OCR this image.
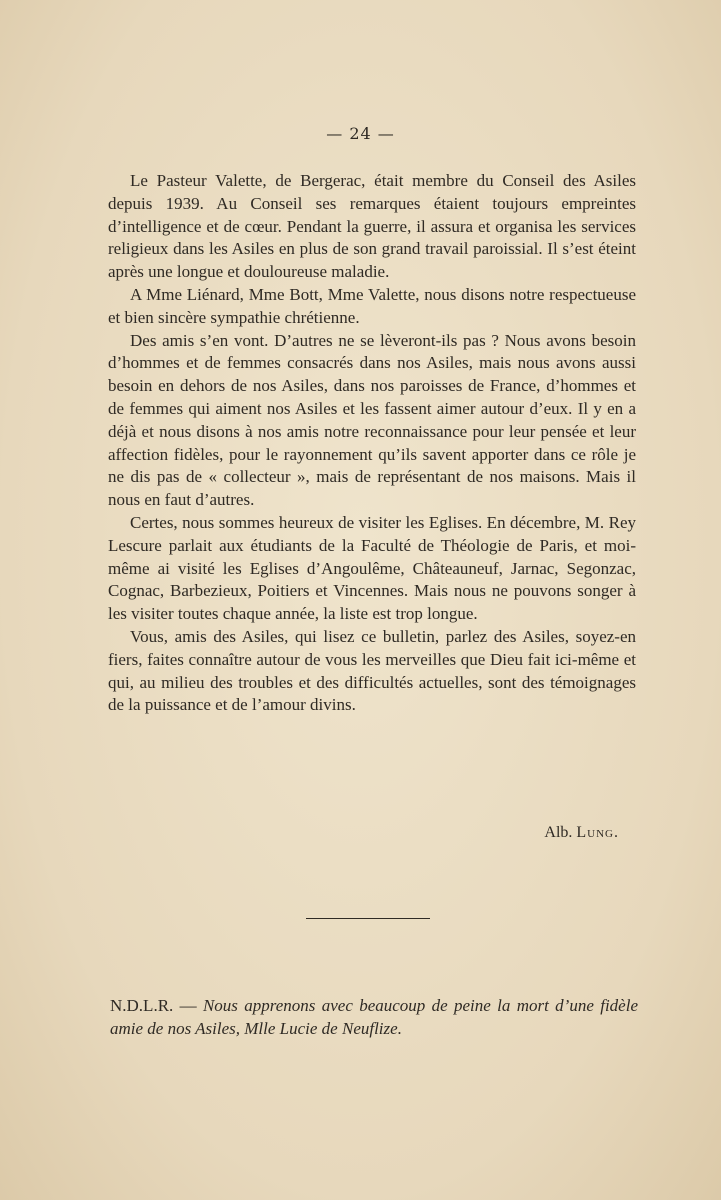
— 24 —

Le Pasteur Valette, de Bergerac, était membre du Conseil des Asiles depuis 1939. Au Conseil ses remarques étaient toujours empreintes d’intelligence et de cœur. Pendant la guerre, il assura et organisa les services religieux dans les Asiles en plus de son grand travail paroissial. Il s’est éteint après une longue et douloureuse maladie.

A Mme Liénard, Mme Bott, Mme Valette, nous disons notre respectueuse et bien sincère sympathie chrétienne.

Des amis s’en vont. D’autres ne se lèveront-ils pas ? Nous avons besoin d’hommes et de femmes consacrés dans nos Asiles, mais nous avons aussi besoin en dehors de nos Asiles, dans nos paroisses de France, d’hommes et de femmes qui aiment nos Asiles et les fassent aimer autour d’eux. Il y en a déjà et nous disons à nos amis notre reconnaissance pour leur pensée et leur affection fidèles, pour le rayonnement qu’ils savent apporter dans ce rôle je ne dis pas de « collecteur », mais de représentant de nos maisons. Mais il nous en faut d’autres.

Certes, nous sommes heureux de visiter les Eglises. En décembre, M. Rey Lescure parlait aux étudiants de la Faculté de Théologie de Paris, et moi-même ai visité les Eglises d’Angoulême, Châteauneuf, Jarnac, Segonzac, Cognac, Barbezieux, Poitiers et Vincennes. Mais nous ne pouvons songer à les visiter toutes chaque année, la liste est trop longue.

Vous, amis des Asiles, qui lisez ce bulletin, parlez des Asiles, soyez-en fiers, faites connaître autour de vous les merveilles que Dieu fait ici-même et qui, au milieu des troubles et des difficultés actuelles, sont des témoignages de la puissance et de l’amour divins.

Alb. Lung.
N.D.L.R. — Nous apprenons avec beaucoup de peine la mort d’une fidèle amie de nos Asiles, Mlle Lucie de Neuflize.
